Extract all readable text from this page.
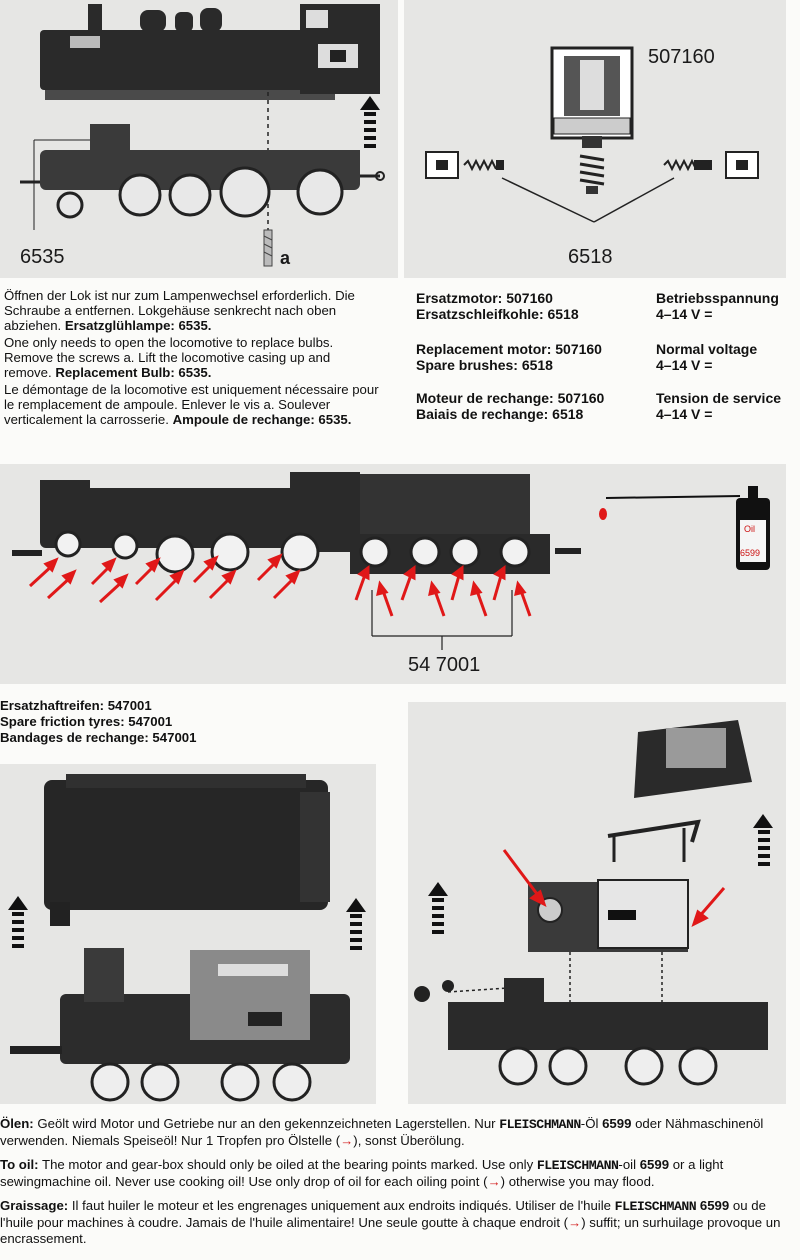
6535	a
507160
6518

Öffnen der Lok ist nur zum Lampenwechsel erforderlich. Die Schraube a entfernen. Lokgehäuse senkrecht nach oben abziehen. Ersatzglühlampe: 6535.

One only needs to open the locomotive to replace bulbs. Remove the screws a. Lift the locomotive casing up and remove. Replacement Bulb: 6535.

Le démontage de la locomotive est uniquement nécessaire pour le remplacement de ampoule. Enlever le vis a. Soulever verticalement la carrosserie. Ampoule de rechange: 6535.

Ersatzmotor: 507160
Ersatzschleifkohle: 6518
Betriebsspannung
4–14 V =
Replacement motor: 507160
Spare brushes: 6518
Normal voltage
4–14 V =
Moteur de rechange: 507160
Baiais de rechange: 6518
Tension de service
4–14 V =
Oil
6599
54 7001
Ersatzhaftreifen: 547001
Spare friction tyres: 547001
Bandages de rechange: 547001
Ölen: Geölt wird Motor und Getriebe nur an den gekennzeichneten Lagerstellen. Nur FLEISCHMANN-Öl 6599 oder Nähmaschinenöl verwenden. Niemals Speiseöl! Nur 1 Tropfen pro Ölstelle (→), sonst Überölung.
To oil: The motor and gear-box should only be oiled at the bearing points marked. Use only FLEISCHMANN-oil 6599 or a light sewingmachine oil. Never use cooking oil! Use only drop of oil for each oiling point (→) otherwise you may flood.
Graissage: Il faut huiler le moteur et les engrenages uniquement aux endroits indiqués. Utiliser de l'huile FLEISCHMANN 6599 ou de l'huile pour machines à coudre. Jamais de l'huile alimentaire! Une seule goutte à chaque endroit (→) suffit; un surhuilage provoque un encrassement.
